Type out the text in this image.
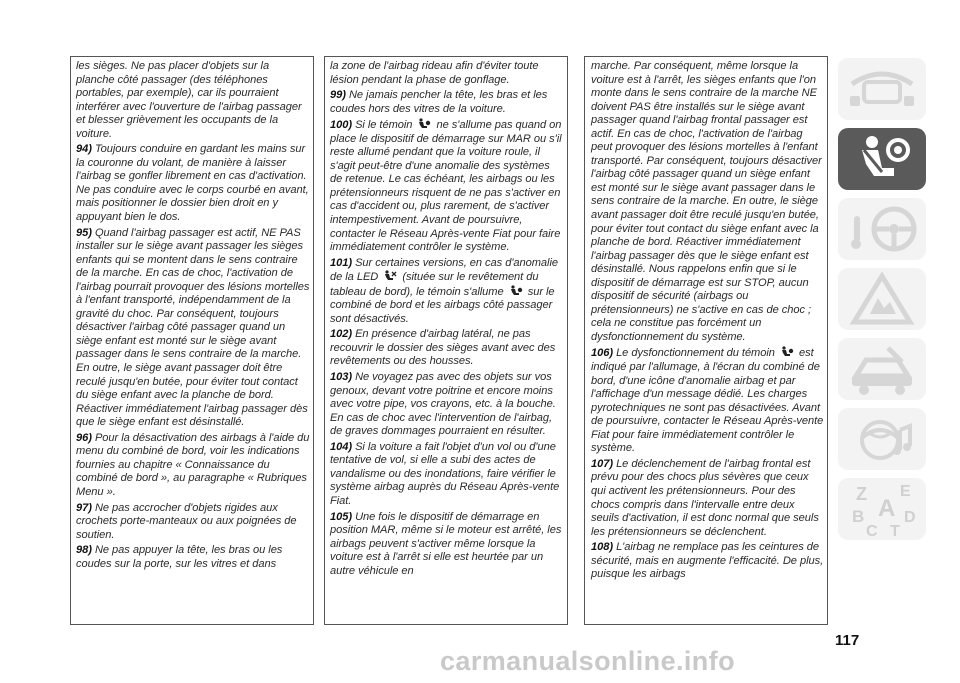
les sièges. Ne pas placer d'objets sur la planche côté passager (des téléphones portables, par exemple), car ils pourraient interférer avec l'ouverture de l'airbag passager et blesser grièvement les occupants de la voiture.

94) Toujours conduire en gardant les mains sur la couronne du volant, de manière à laisser l'airbag se gonfler librement en cas d'activation. Ne pas conduire avec le corps courbé en avant, mais positionner le dossier bien droit en y appuyant bien le dos.

95) Quand l'airbag passager est actif, NE PAS installer sur le siège avant passager les sièges enfants qui se montent dans le sens contraire de la marche. En cas de choc, l'activation de l'airbag pourrait provoquer des lésions mortelles à l'enfant transporté, indépendamment de la gravité du choc. Par conséquent, toujours désactiver l'airbag côté passager quand un siège enfant est monté sur le siège avant passager dans le sens contraire de la marche. En outre, le siège avant passager doit être reculé jusqu'en butée, pour éviter tout contact du siège enfant avec la planche de bord. Réactiver immédiatement l'airbag passager dès que le siège enfant est désinstallé.

96) Pour la désactivation des airbags à l'aide du menu du combiné de bord, voir les indications fournies au chapitre « Connaissance du combiné de bord », au paragraphe « Rubriques Menu ».

97) Ne pas accrocher d'objets rigides aux crochets porte-manteaux ou aux poignées de soutien.

98) Ne pas appuyer la tête, les bras ou les coudes sur la porte, sur les vitres et dans

la zone de l'airbag rideau afin d'éviter toute lésion pendant la phase de gonflage.

99) Ne jamais pencher la tête, les bras et les coudes hors des vitres de la voiture.

100) Si le témoin ne s'allume pas quand on place le dispositif de démarrage sur MAR ou s'il reste allumé pendant que la voiture roule, il s'agit peut-être d'une anomalie des systèmes de retenue. Le cas échéant, les airbags ou les prétensionneurs risquent de ne pas s'activer en cas d'accident ou, plus rarement, de s'activer intempestivement. Avant de poursuivre, contacter le Réseau Après-vente Fiat pour faire immédiatement contrôler le système.

101) Sur certaines versions, en cas d'anomalie de la LED (située sur le revêtement du tableau de bord), le témoin s'allume sur le combiné de bord et les airbags côté passager sont désactivés.

102) En présence d'airbag latéral, ne pas recouvrir le dossier des sièges avant avec des revêtements ou des housses.

103) Ne voyagez pas avec des objets sur vos genoux, devant votre poitrine et encore moins avec votre pipe, vos crayons, etc. à la bouche. En cas de choc avec l'intervention de l'airbag, de graves dommages pourraient en résulter.

104) Si la voiture a fait l'objet d'un vol ou d'une tentative de vol, si elle a subi des actes de vandalisme ou des inondations, faire vérifier le système airbag auprès du Réseau Après-vente Fiat.

105) Une fois le dispositif de démarrage en position MAR, même si le moteur est arrêté, les airbags peuvent s'activer même lorsque la voiture est à l'arrêt si elle est heurtée par un autre véhicule en

marche. Par conséquent, même lorsque la voiture est à l'arrêt, les sièges enfants que l'on monte dans le sens contraire de la marche NE doivent PAS être installés sur le siège avant passager quand l'airbag frontal passager est actif. En cas de choc, l'activation de l'airbag peut provoquer des lésions mortelles à l'enfant transporté. Par conséquent, toujours désactiver l'airbag côté passager quand un siège enfant est monté sur le siège avant passager dans le sens contraire de la marche. En outre, le siège avant passager doit être reculé jusqu'en butée, pour éviter tout contact du siège enfant avec la planche de bord. Réactiver immédiatement l'airbag passager dès que le siège enfant est désinstallé. Nous rappelons enfin que si le dispositif de démarrage est sur STOP, aucun dispositif de sécurité (airbags ou prétensionneurs) ne s'active en cas de choc ; cela ne constitue pas forcément un dysfonctionnement du système.

106) Le dysfonctionnement du témoin est indiqué par l'allumage, à l'écran du combiné de bord, d'une icône d'anomalie airbag et par l'affichage d'un message dédié. Les charges pyrotechniques ne sont pas désactivées. Avant de poursuivre, contacter le Réseau Après-vente Fiat pour faire immédiatement contrôler le système.

107) Le déclenchement de l'airbag frontal est prévu pour des chocs plus sévères que ceux qui activent les prétensionneurs. Pour des chocs compris dans l'intervalle entre deux seuils d'activation, il est donc normal que seuls les prétensionneurs se déclenchent.

108) L'airbag ne remplace pas les ceintures de sécurité, mais en augmente l'efficacité. De plus, puisque les airbags

Z E
B A
C T
D
117
carmanualsonline.info
